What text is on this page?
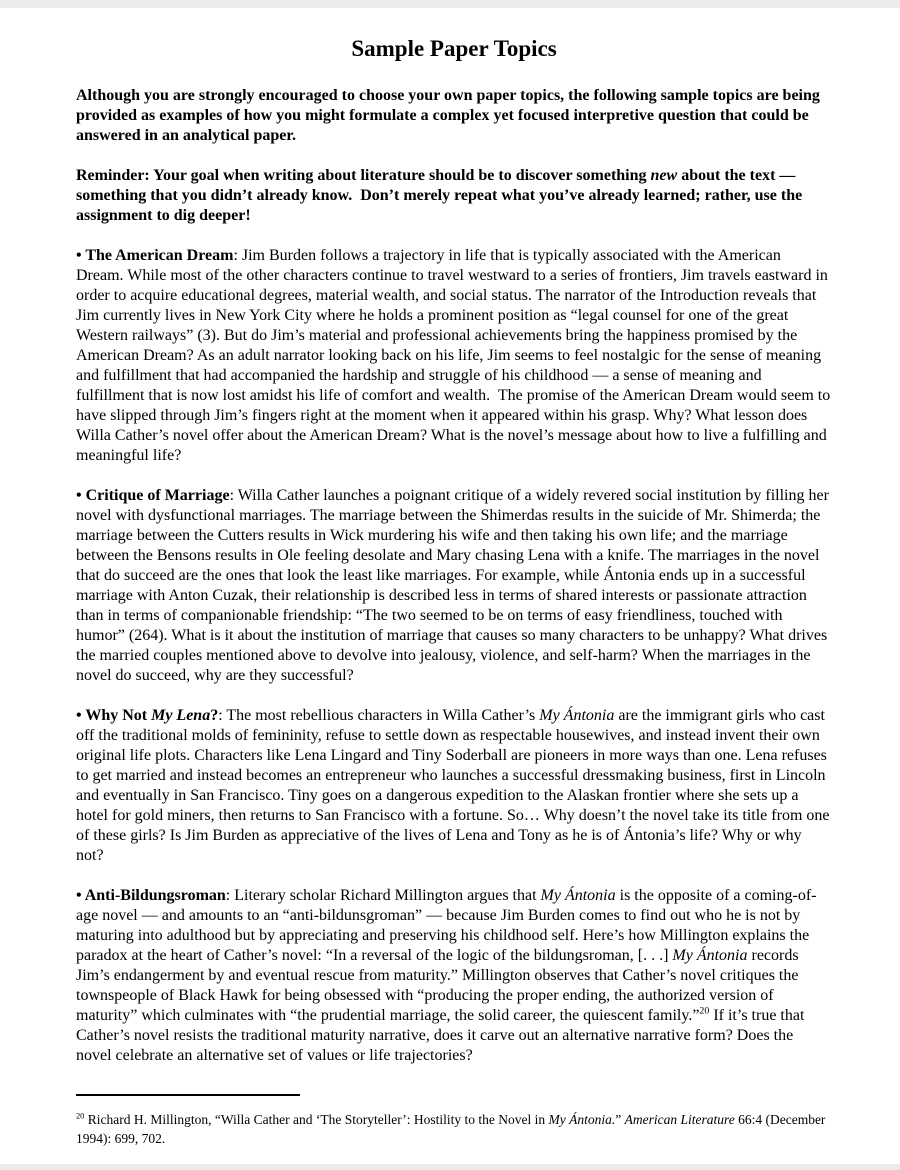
Sample Paper Topics

Although you are strongly encouraged to choose your own paper topics, the following sample topics are being provided as examples of how you might formulate a complex yet focused interpretive question that could be answered in an analytical paper.

Reminder: Your goal when writing about literature should be to discover something new about the text — something that you didn’t already know.  Don’t merely repeat what you’ve already learned; rather, use the assignment to dig deeper!

• The American Dream: Jim Burden follows a trajectory in life that is typically associated with the American Dream. While most of the other characters continue to travel westward to a series of frontiers, Jim travels eastward in order to acquire educational degrees, material wealth, and social status. The narrator of the Introduction reveals that Jim currently lives in New York City where he holds a prominent position as “legal counsel for one of the great Western railways” (3). But do Jim’s material and professional achievements bring the happiness promised by the American Dream? As an adult narrator looking back on his life, Jim seems to feel nostalgic for the sense of meaning and fulfillment that had accompanied the hardship and struggle of his childhood — a sense of meaning and fulfillment that is now lost amidst his life of comfort and wealth.  The promise of the American Dream would seem to have slipped through Jim’s fingers right at the moment when it appeared within his grasp. Why? What lesson does Willa Cather’s novel offer about the American Dream? What is the novel’s message about how to live a fulfilling and meaningful life?

• Critique of Marriage: Willa Cather launches a poignant critique of a widely revered social institution by filling her novel with dysfunctional marriages. The marriage between the Shimerdas results in the suicide of Mr. Shimerda; the marriage between the Cutters results in Wick murdering his wife and then taking his own life; and the marriage between the Bensons results in Ole feeling desolate and Mary chasing Lena with a knife. The marriages in the novel that do succeed are the ones that look the least like marriages. For example, while Ántonia ends up in a successful marriage with Anton Cuzak, their relationship is described less in terms of shared interests or passionate attraction than in terms of companionable friendship: “The two seemed to be on terms of easy friendliness, touched with humor” (264). What is it about the institution of marriage that causes so many characters to be unhappy? What drives the married couples mentioned above to devolve into jealousy, violence, and self-harm? When the marriages in the novel do succeed, why are they successful?

• Why Not My Lena?: The most rebellious characters in Willa Cather’s My Ántonia are the immigrant girls who cast off the traditional molds of femininity, refuse to settle down as respectable housewives, and instead invent their own original life plots. Characters like Lena Lingard and Tiny Soderball are pioneers in more ways than one. Lena refuses to get married and instead becomes an entrepreneur who launches a successful dressmaking business, first in Lincoln and eventually in San Francisco. Tiny goes on a dangerous expedition to the Alaskan frontier where she sets up a hotel for gold miners, then returns to San Francisco with a fortune. So… Why doesn’t the novel take its title from one of these girls? Is Jim Burden as appreciative of the lives of Lena and Tony as he is of Ántonia’s life? Why or why not?

• Anti-Bildungsroman: Literary scholar Richard Millington argues that My Ántonia is the opposite of a coming-of-age novel — and amounts to an “anti-bildunsgroman” — because Jim Burden comes to find out who he is not by maturing into adulthood but by appreciating and preserving his childhood self. Here’s how Millington explains the paradox at the heart of Cather’s novel: “In a reversal of the logic of the bildungsroman, [. . .] My Ántonia records Jim’s endangerment by and eventual rescue from maturity.” Millington observes that Cather’s novel critiques the townspeople of Black Hawk for being obsessed with “producing the proper ending, the authorized version of maturity” which culminates with “the prudential marriage, the solid career, the quiescent family.”$^{20}$ If it’s true that Cather’s novel resists the traditional maturity narrative, does it carve out an alternative narrative form? Does the novel celebrate an alternative set of values or life trajectories?

$^{20}$ Richard H. Millington, “Willa Cather and ‘The Storyteller’: Hostility to the Novel in My Ántonia.” American Literature 66:4 (December 1994): 699, 702.
